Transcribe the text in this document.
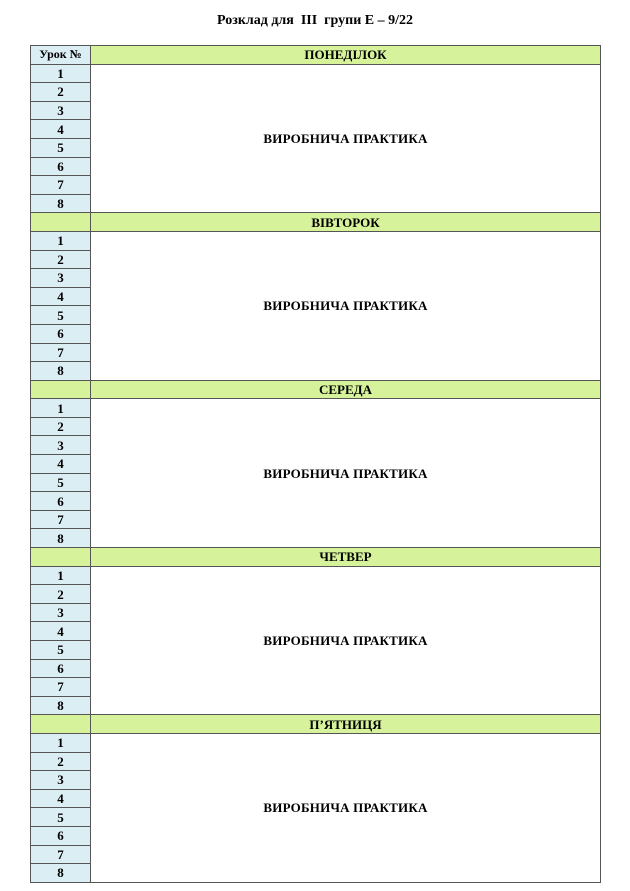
Розклад для  ІІІ  групи Е – 9/22
Урок №	ПОНЕДІЛОК
1	ВИРОБНИЧА ПРАКТИКА
2	
3	
4	
5	
6	
7	
8	
	ВІВТОРОК
1	ВИРОБНИЧА ПРАКТИКА
2	
3	
4	
5	
6	
7	
8	
	СЕРЕДА
1	ВИРОБНИЧА ПРАКТИКА
2	
3	
4	
5	
6	
7	
8	
	ЧЕТВЕР
1	ВИРОБНИЧА ПРАКТИКА
2	
3	
4	
5	
6	
7	
8	
	П’ЯТНИЦЯ
1	ВИРОБНИЧА ПРАКТИКА
2	
3	
4	
5	
6	
7	
8	
